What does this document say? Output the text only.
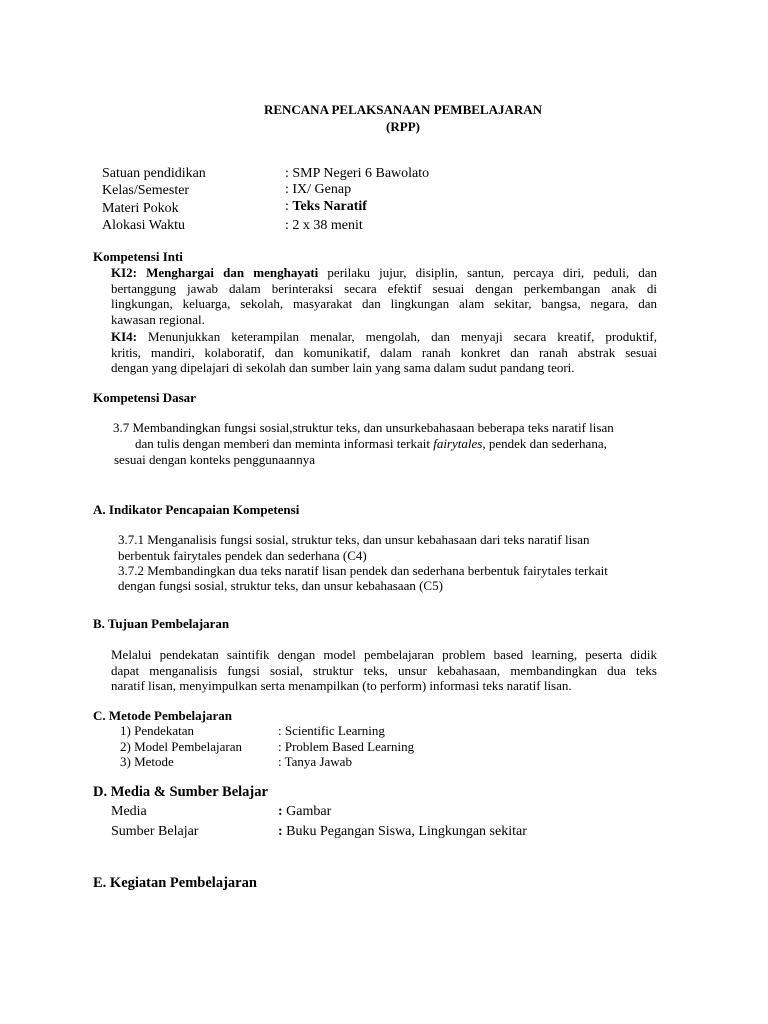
RENCANA PELAKSANAAN PEMBELAJARAN
(RPP)
Satuan pendidikan	: SMP Negeri 6 Bawolato
Kelas/Semester	: IX/ Genap
Materi Pokok	: Teks Naratif
Alokasi Waktu	: 2 x 38 menit
Kompetensi Inti
KI2: Menghargai dan menghayati perilaku jujur, disiplin, santun, percaya diri, peduli, dan
bertanggung jawab dalam berinteraksi secara efektif sesuai dengan perkembangan anak di
lingkungan, keluarga, sekolah, masyarakat dan lingkungan alam sekitar, bangsa, negara, dan
kawasan regional.
KI4: Menunjukkan keterampilan menalar, mengolah, dan menyaji secara kreatif, produktif,
kritis, mandiri, kolaboratif, dan komunikatif, dalam ranah konkret dan ranah abstrak sesuai
dengan yang dipelajari di sekolah dan sumber lain yang sama dalam sudut pandang teori.
Kompetensi Dasar
3.7 Membandingkan fungsi sosial,struktur teks, dan unsurkebahasaan beberapa teks naratif lisan
dan tulis dengan memberi dan meminta informasi terkait fairytales, pendek dan sederhana,
sesuai dengan konteks penggunaannya
A. Indikator Pencapaian Kompetensi
3.7.1 Menganalisis fungsi sosial, struktur teks, dan unsur kebahasaan dari teks naratif lisan
berbentuk fairytales pendek dan sederhana (C4)
3.7.2 Membandingkan dua teks naratif lisan pendek dan sederhana berbentuk fairytales terkait
dengan fungsi sosial, struktur teks, dan unsur kebahasaan (C5)
B. Tujuan Pembelajaran
Melalui pendekatan saintifik dengan model pembelajaran problem based learning, peserta didik
dapat menganalisis fungsi sosial, struktur teks, unsur kebahasaan, membandingkan dua teks
naratif lisan, menyimpulkan serta menampilkan (to perform) informasi teks naratif lisan.
C. Metode Pembelajaran
1) Pendekatan	: Scientific Learning
2) Model Pembelajaran	: Problem Based Learning
3) Metode	: Tanya Jawab
D. Media & Sumber Belajar
Media	: Gambar
Sumber Belajar	: Buku Pegangan Siswa, Lingkungan sekitar
E. Kegiatan Pembelajaran
